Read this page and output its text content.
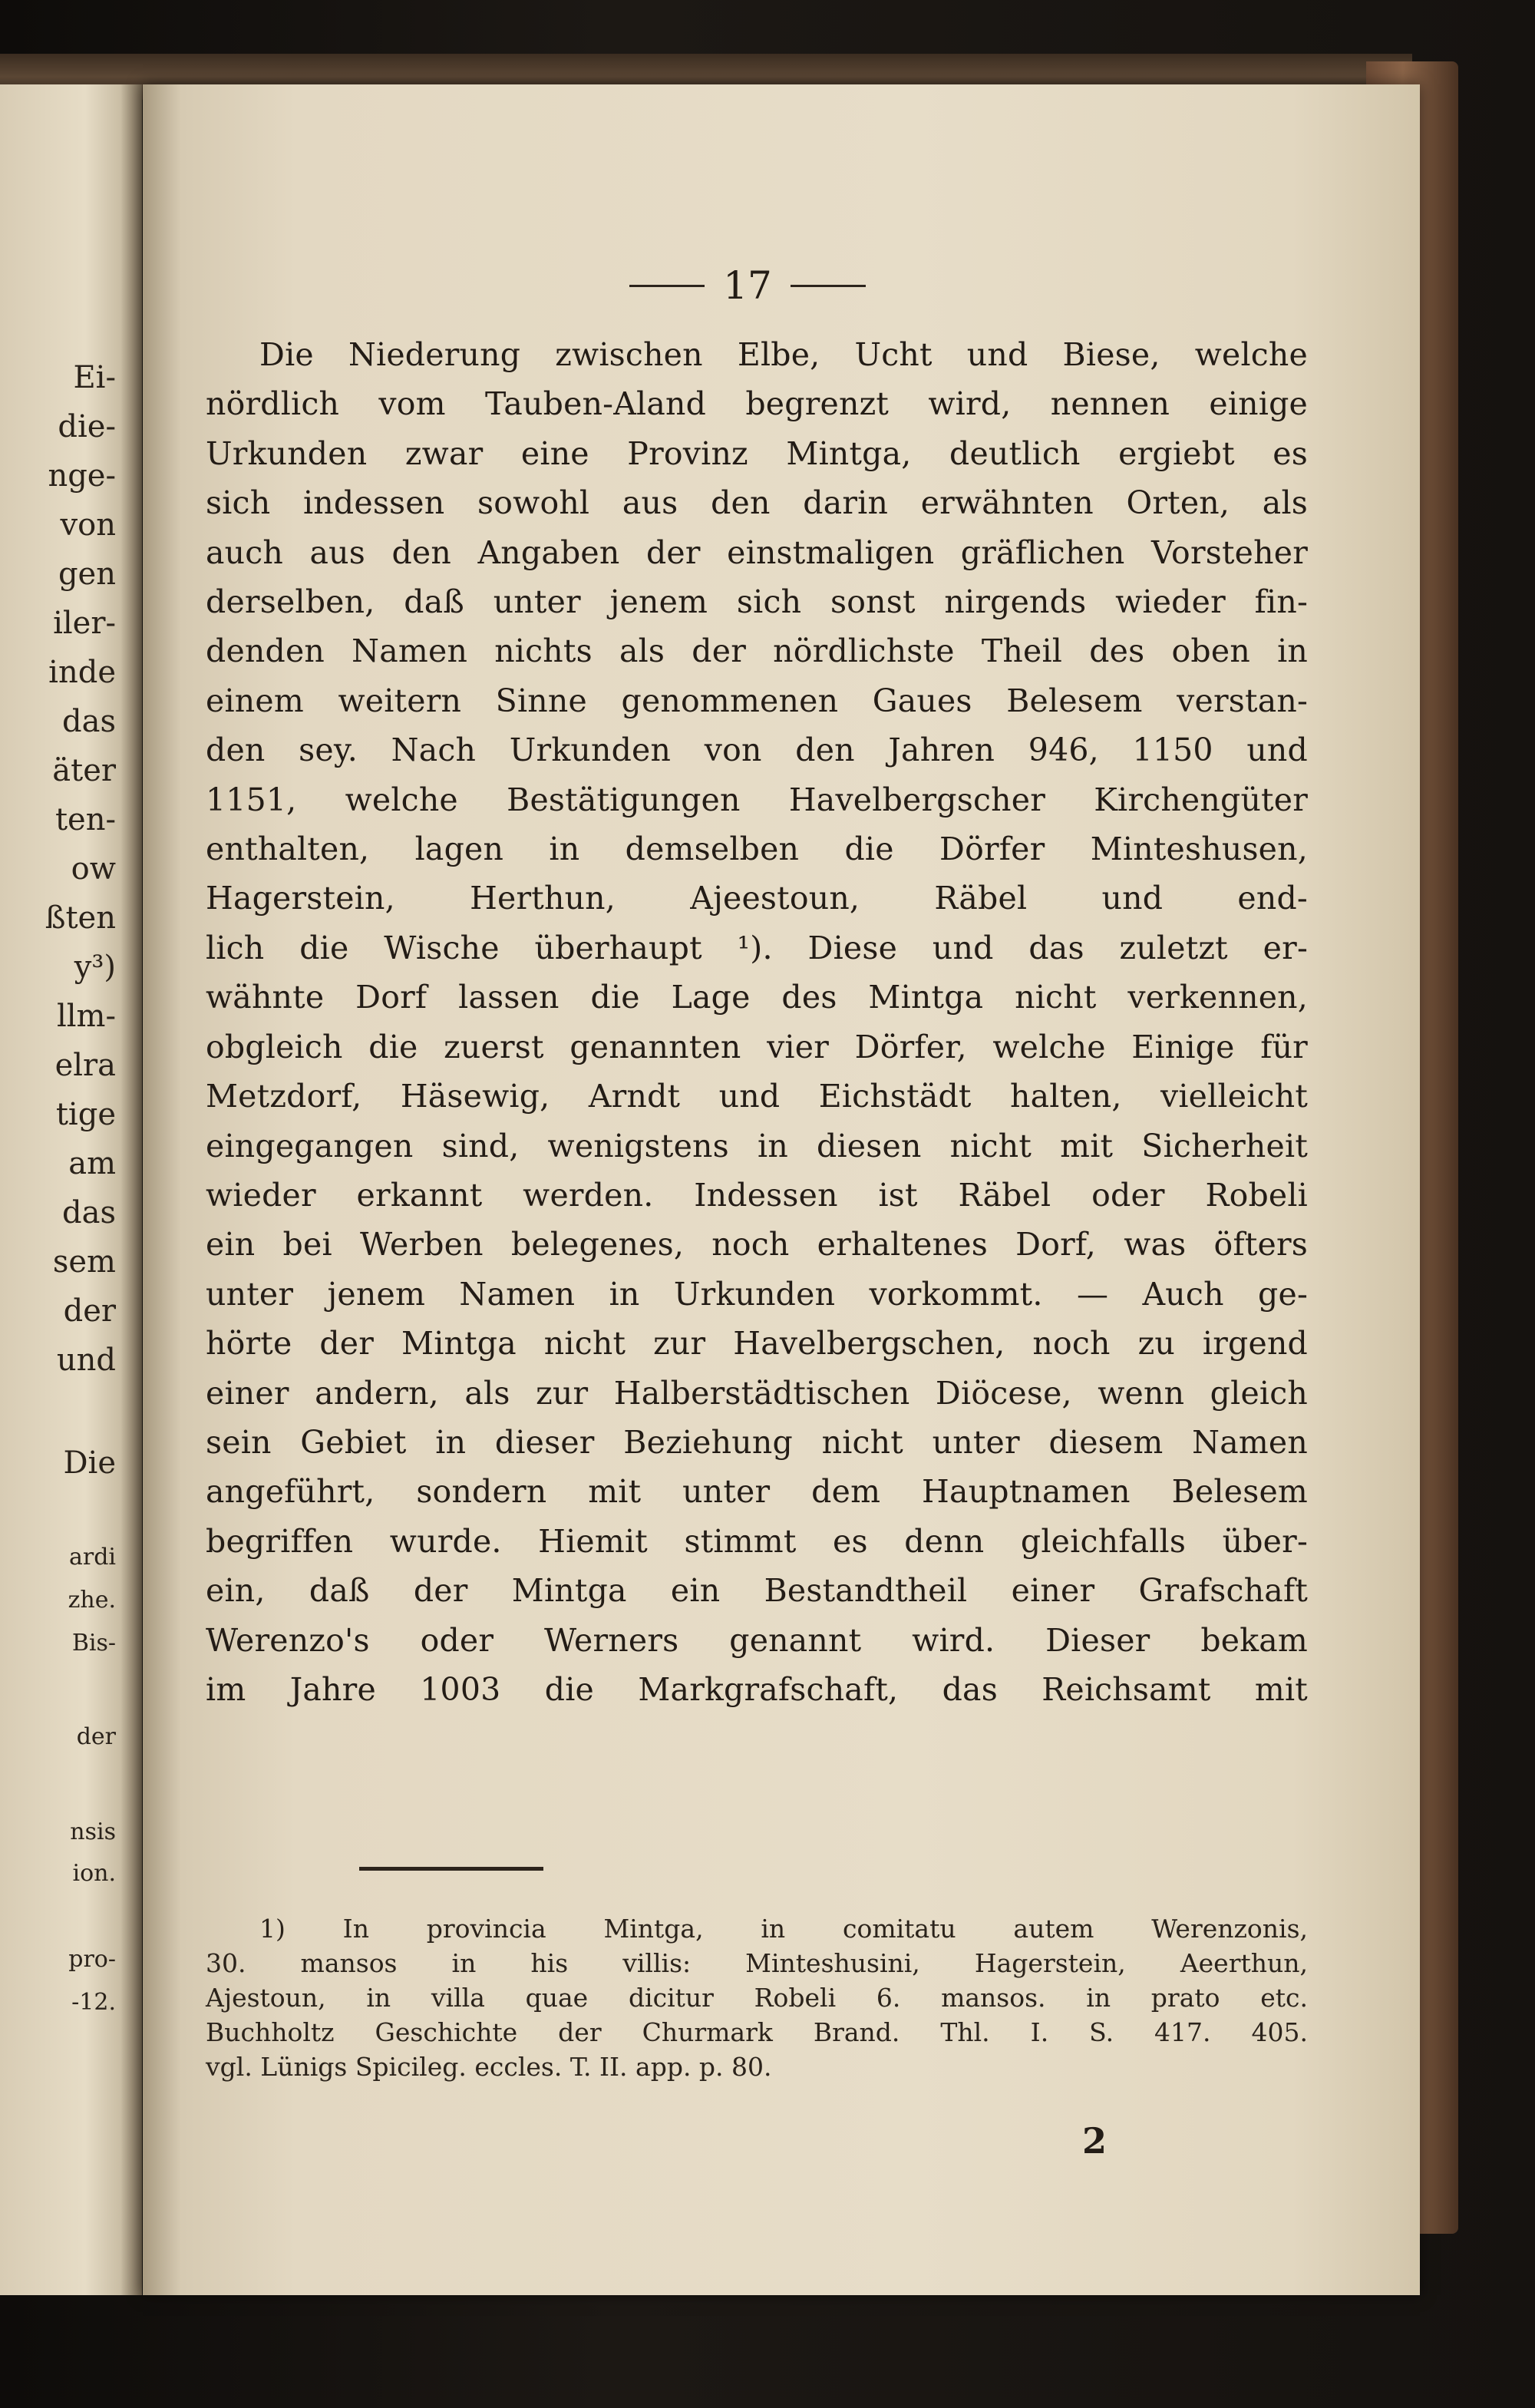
Ei-

die-

nge-

von

gen

iler-

inde

das

äter

ten-

ow

ßten

y³)

llm-

elra

tige

am

das

sem

der

und

Die

ardi

zhe.

Bis-

der

nsis

ion.

pro-

-12.

17

Die Niederung zwischen Elbe, Ucht und Biese, welche

nördlich vom Tauben-Aland begrenzt wird, nennen einige

Urkunden zwar eine Provinz Mintga, deutlich ergiebt es

sich indessen sowohl aus den darin erwähnten Orten, als

auch aus den Angaben der einstmaligen gräflichen Vorsteher

derselben, daß unter jenem sich sonst nirgends wieder fin-

denden Namen nichts als der nördlichste Theil des oben in

einem weitern Sinne genommenen Gaues Belesem verstan-

den sey. Nach Urkunden von den Jahren 946, 1150 und

1151, welche Bestätigungen Havelbergscher Kirchengüter

enthalten, lagen in demselben die Dörfer Minteshusen,

Hagerstein, Herthun, Ajeestoun, Räbel und end-

lich die Wische überhaupt ¹). Diese und das zuletzt er-

wähnte Dorf lassen die Lage des Mintga nicht verkennen,

obgleich die zuerst genannten vier Dörfer, welche Einige für

Metzdorf, Häsewig, Arndt und Eichstädt halten, vielleicht

eingegangen sind, wenigstens in diesen nicht mit Sicherheit

wieder erkannt werden. Indessen ist Räbel oder Robeli

ein bei Werben belegenes, noch erhaltenes Dorf, was öfters

unter jenem Namen in Urkunden vorkommt. — Auch ge-

hörte der Mintga nicht zur Havelbergschen, noch zu irgend

einer andern, als zur Halberstädtischen Diöcese, wenn gleich

sein Gebiet in dieser Beziehung nicht unter diesem Namen

angeführt, sondern mit unter dem Hauptnamen Belesem

begriffen wurde. Hiemit stimmt es denn gleichfalls über-

ein, daß der Mintga ein Bestandtheil einer Grafschaft

Werenzo's oder Werners genannt wird. Dieser bekam

im Jahre 1003 die Markgrafschaft, das Reichsamt mit

1) In provincia Mintga, in comitatu autem Werenzonis,

30. mansos in his villis: Minteshusini, Hagerstein, Aeerthun,

Ajestoun, in villa quae dicitur Robeli 6. mansos. in prato etc.

Buchholtz Geschichte der Churmark Brand. Thl. I. S. 417. 405.

vgl. Lünigs Spicileg. eccles. T. II. app. p. 80.

2
